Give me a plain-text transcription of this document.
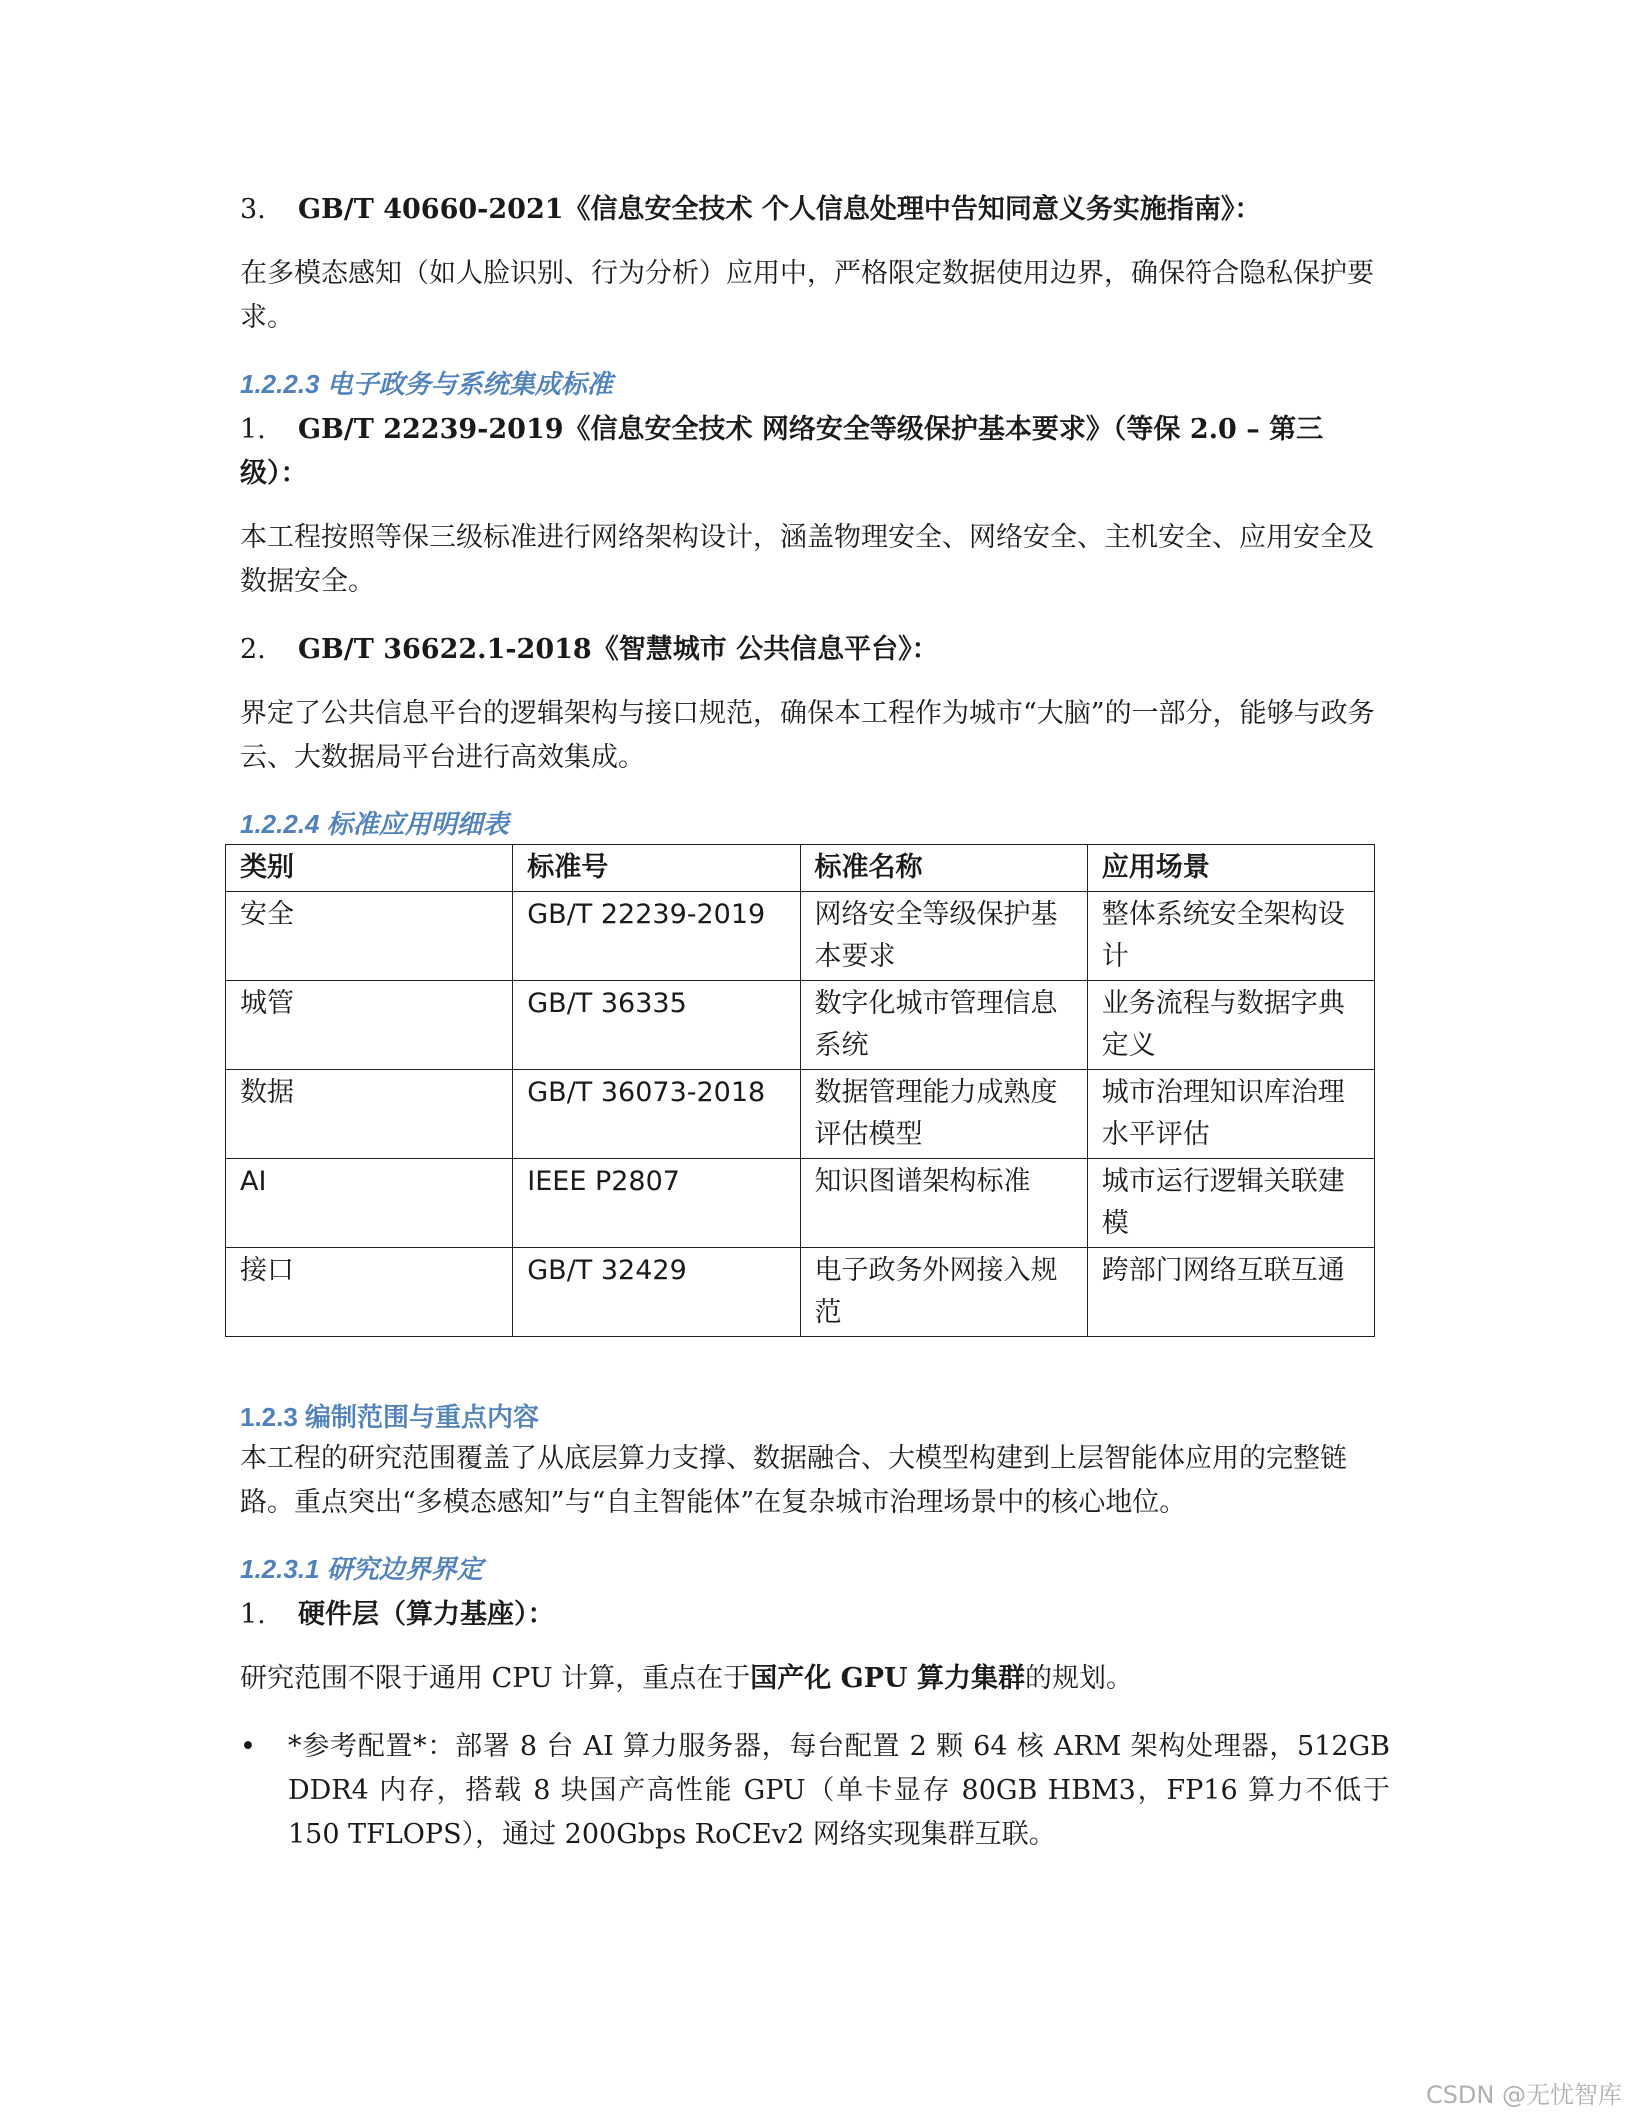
3. GB/T 40660-2021《信息安全技术 个人信息处理中告知同意义务实施指南》：

在多模态感知（如人脸识别、行为分析）应用中，严格限定数据使用边界，确保符合隐私保护要求。

1.2.2.3 电子政务与系统集成标准
1. GB/T 22239-2019《信息安全技术 网络安全等级保护基本要求》（等保 2.0 – 第三级）：

本工程按照等保三级标准进行网络架构设计，涵盖物理安全、网络安全、主机安全、应用安全及数据安全。

2. GB/T 36622.1-2018《智慧城市 公共信息平台》：

界定了公共信息平台的逻辑架构与接口规范，确保本工程作为城市“大脑”的一部分，能够与政务云、大数据局平台进行高效集成。

1.2.2.4 标准应用明细表
类别	标准号	标准名称	应用场景
安全	GB/T 22239-2019	网络安全等级保护基本要求	整体系统安全架构设计
城管	GB/T 36335	数字化城市管理信息系统	业务流程与数据字典定义
数据	GB/T 36073-2018	数据管理能力成熟度评估模型	城市治理知识库治理水平评估
AI	IEEE P2807	知识图谱架构标准	城市运行逻辑关联建模
接口	GB/T 32429	电子政务外网接入规范	跨部门网络互联互通
1.2.3 编制范围与重点内容

本工程的研究范围覆盖了从底层算力支撑、数据融合、大模型构建到上层智能体应用的完整链路。重点突出“多模态感知”与“自主智能体”在复杂城市治理场景中的核心地位。

1.2.3.1 研究边界界定
1. 硬件层（算力基座）：

研究范围不限于通用 CPU 计算，重点在于国产化 GPU 算力集群的规划。

• *参考配置*：部署 8 台 AI 算力服务器，每台配置 2 颗 64 核 ARM 架构处理器，512GB DDR4 内存，搭载 8 块国产高性能 GPU（单卡显存 80GB HBM3，FP16 算力不低于 150 TFLOPS），通过 200Gbps RoCEv2 网络实现集群互联。
CSDN @无忧智库
